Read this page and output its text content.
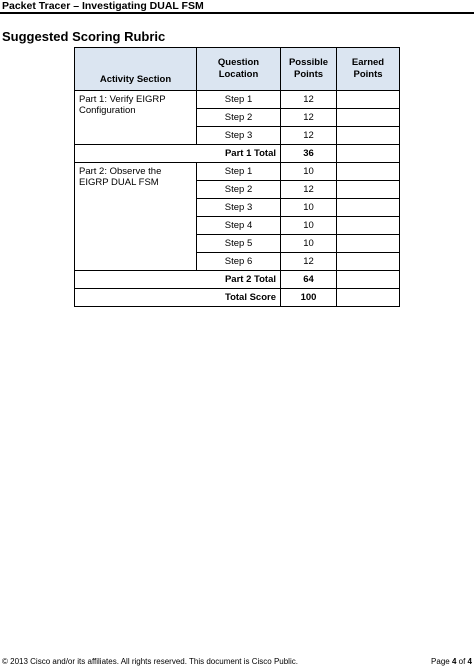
Packet Tracer – Investigating DUAL FSM
Suggested Scoring Rubric
Activity Section	Question Location	Possible Points	Earned Points
Part 1: Verify EIGRP Configuration	Step 1	12	
	Step 2	12	
	Step 3	12	
Part 1 Total		36	
Part 2: Observe the EIGRP DUAL FSM	Step 1	10	
	Step 2	12	
	Step 3	10	
	Step 4	10	
	Step 5	10	
	Step 6	12	
Part 2 Total		64	
Total Score		100	
© 2013 Cisco and/or its affiliates. All rights reserved. This document is Cisco Public.	Page 4 of 4
